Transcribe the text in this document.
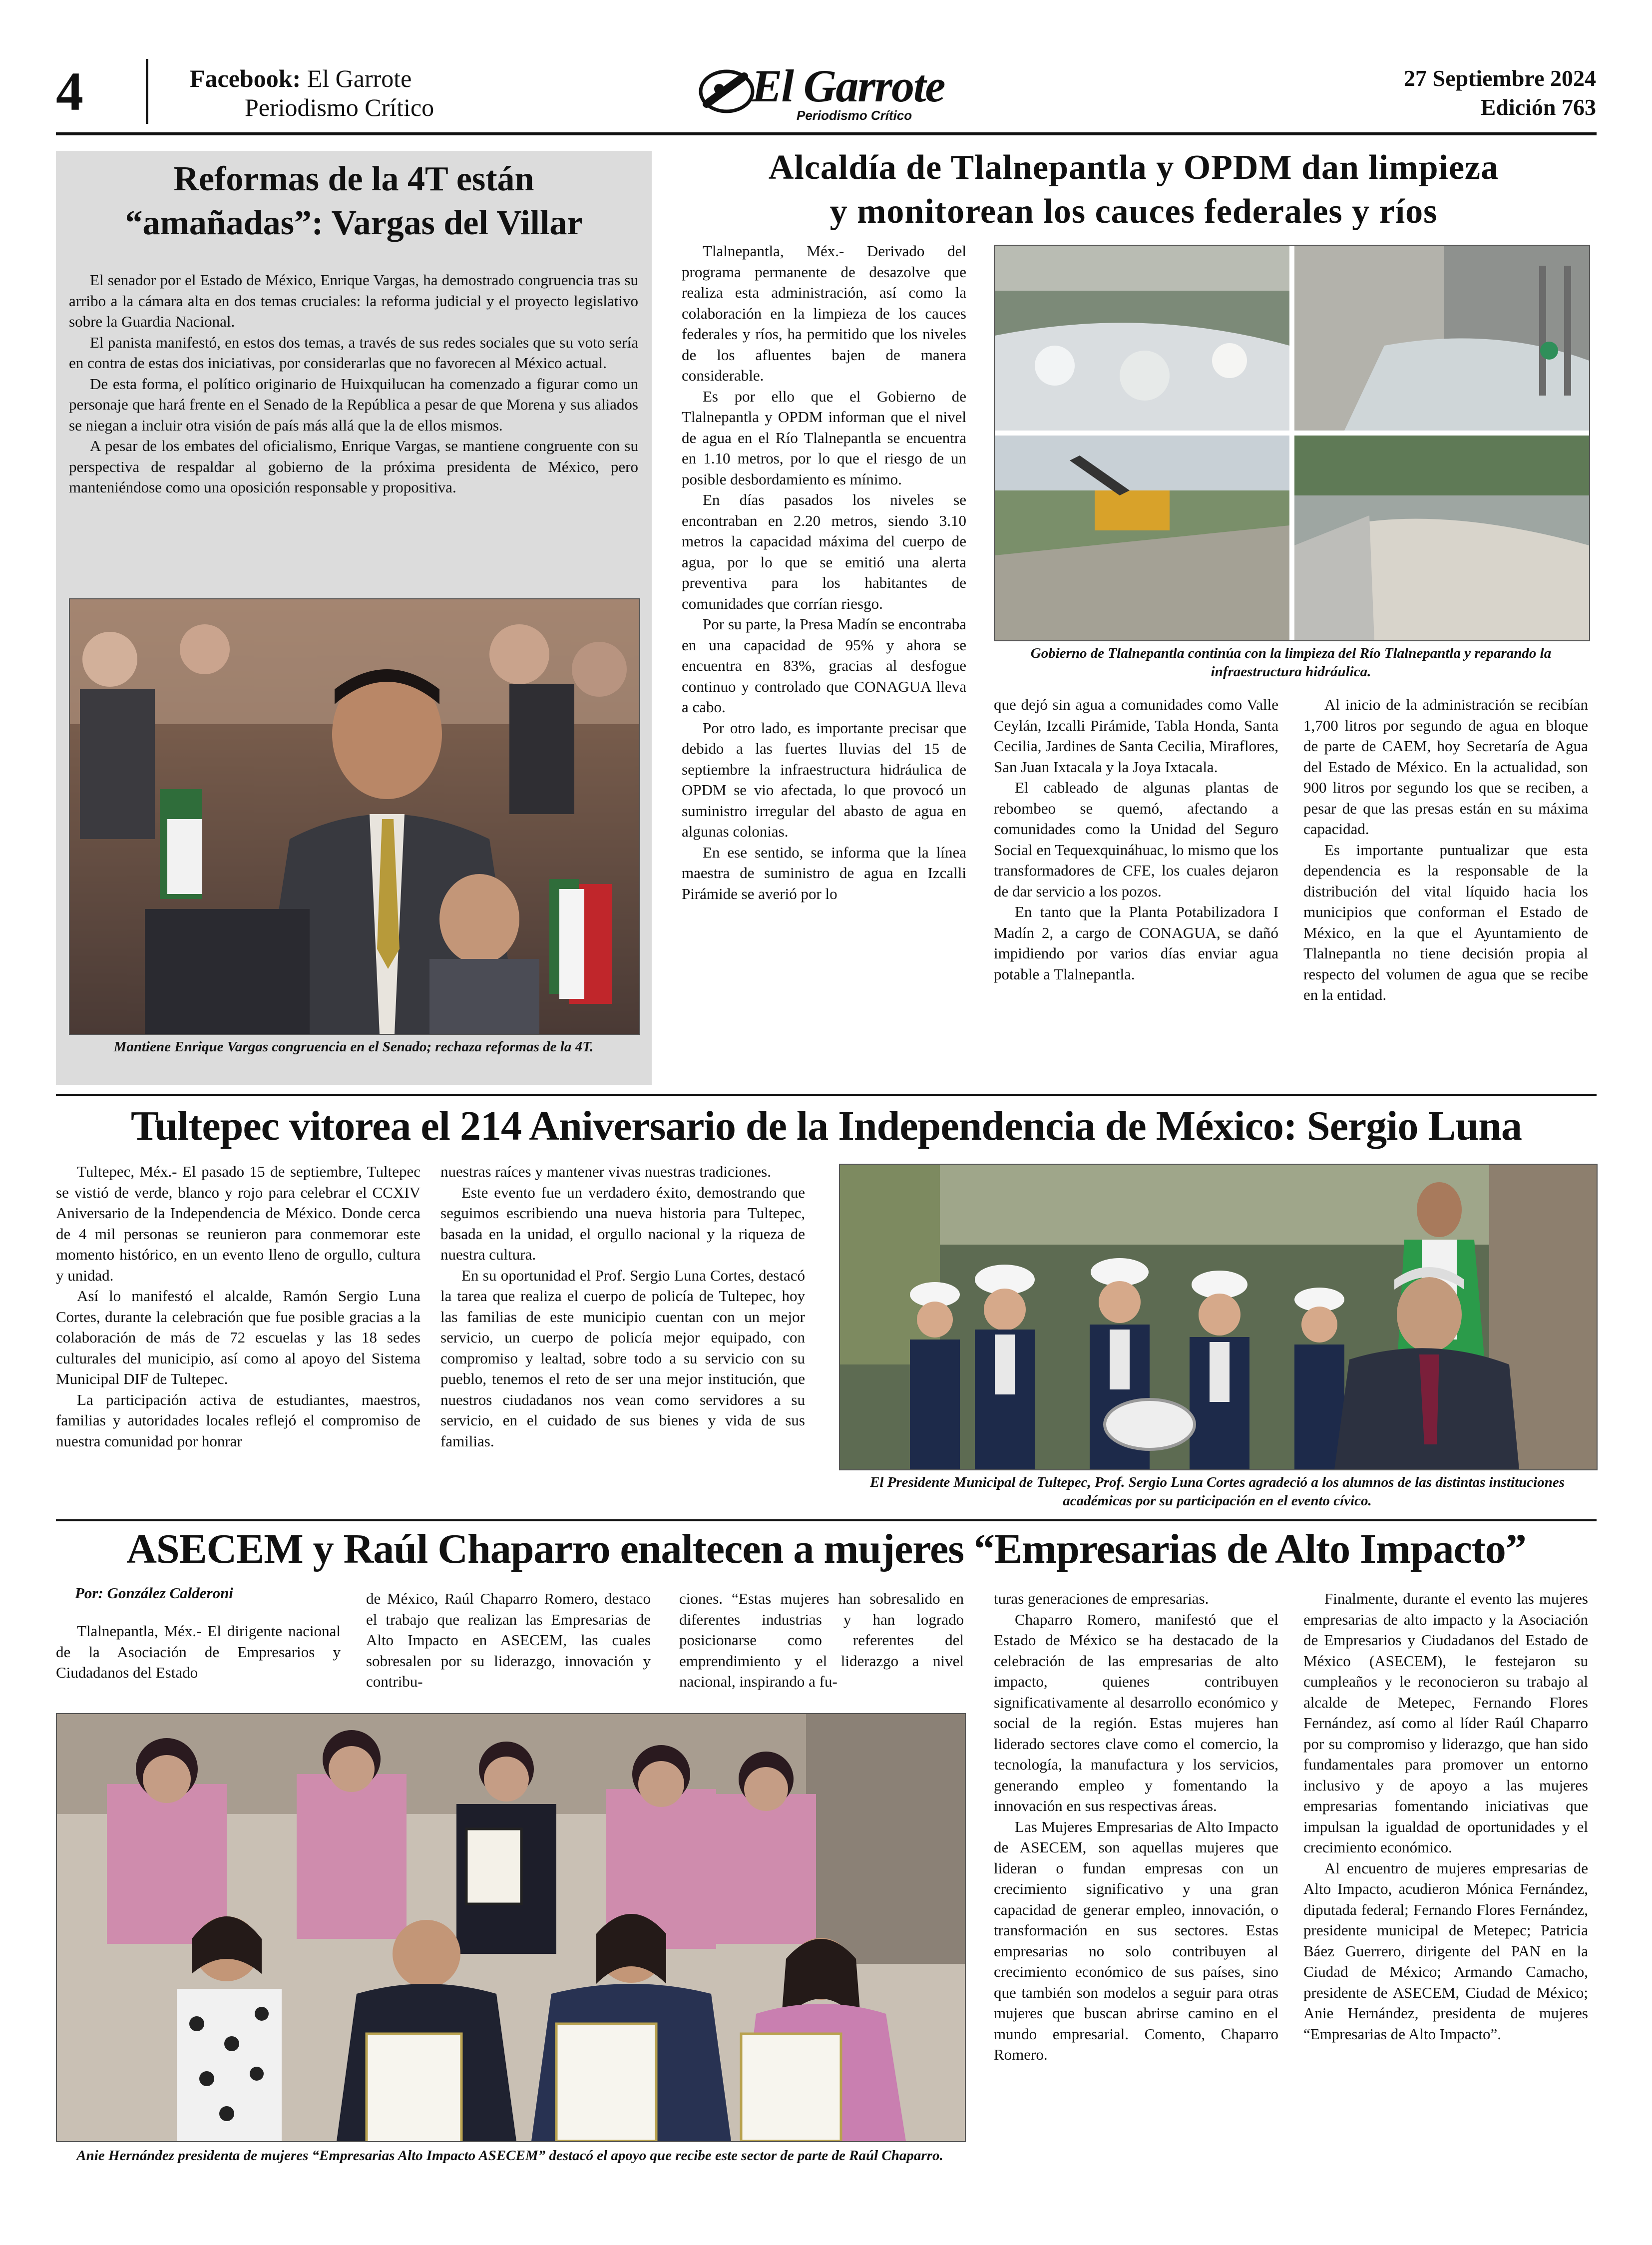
4	Facebook: El Garrote
Periodismo Crítico	El Garrote
Periodismo Crítico
27 Septiembre 2024
Edición 763
Reformas de la 4T están
“amañadas”: Vargas del Villar

El senador por el Estado de México, Enrique Vargas, ha demostrado congruencia tras su arribo a la cámara alta en dos temas cruciales: la reforma judicial y el proyecto legislativo sobre la Guardia Nacional.

El panista manifestó, en estos dos temas, a través de sus redes sociales que su voto sería en contra de estas dos iniciativas, por considerarlas que no favorecen al México actual.

De esta forma, el político originario de Huixquilucan ha comenzado a figurar como un personaje que hará frente en el Senado de la República a pesar de que Morena y sus aliados se niegan a incluir otra visión de país más allá que la de ellos mismos.

A pesar de los embates del oficialismo, Enrique Vargas, se mantiene congruente con su perspectiva de respaldar al gobierno de la próxima presidenta de México, pero manteniéndose como una oposición responsable y propositiva.

Mantiene Enrique Vargas congruencia en el Senado; rechaza reformas de la 4T.
Alcaldía de Tlalnepantla y OPDM dan limpieza
y monitorean los cauces federales y ríos

Tlalnepantla, Méx.- Derivado del programa permanente de desazolve que realiza esta administración, así como la colaboración en la limpieza de los cauces federales y ríos, ha permitido que los niveles de los afluentes bajen de manera considerable.

Es por ello que el Gobierno de Tlalnepantla y OPDM informan que el nivel de agua en el Río Tlalnepantla se encuentra en 1.10 metros, por lo que el riesgo de un posible desbordamiento es mínimo.

En días pasados los niveles se encontraban en 2.20 metros, siendo 3.10 metros la capacidad máxima del cuerpo de agua, por lo que se emitió una alerta preventiva para los habitantes de comunidades que corrían riesgo.

Por su parte, la Presa Madín se encontraba en una capacidad de 95% y ahora se encuentra en 83%, gracias al desfogue continuo y controlado que CONAGUA lleva a cabo.

Por otro lado, es importante precisar que debido a las fuertes lluvias del 15 de septiembre la infraestructura hidráulica de OPDM se vio afectada, lo que provocó un suministro irregular del abasto de agua en algunas colonias.

En ese sentido, se informa que la línea maestra de suministro de agua en Izcalli Pirámide se averió por lo

Gobierno de Tlalnepantla continúa con la limpieza del Río Tlalnepantla y reparando la infraestructura hidráulica.

que dejó sin agua a comunidades como Valle Ceylán, Izcalli Pirámide, Tabla Honda, Santa Cecilia, Jardines de Santa Cecilia, Miraflores, San Juan Ixtacala y la Joya Ixtacala.

El cableado de algunas plantas de rebombeo se quemó, afectando a comunidades como la Unidad del Seguro Social en Tequexquináhuac, lo mismo que los transformadores de CFE, los cuales dejaron de dar servicio a los pozos.

En tanto que la Planta Potabilizadora I Madín 2, a cargo de CONAGUA, se dañó impidiendo por varios días enviar agua potable a Tlalnepantla.

Al inicio de la administración se recibían 1,700 litros por segundo de agua en bloque de parte de CAEM, hoy Secretaría de Agua del Estado de México. En la actualidad, son 900 litros por segundo los que se reciben, a pesar de que las presas están en su máxima capacidad.

Es importante puntualizar que esta dependencia es la responsable de la distribución del vital líquido hacia los municipios que conforman el Estado de México, en la que el Ayuntamiento de Tlalnepantla no tiene decisión propia al respecto del volumen de agua que se recibe en la entidad.

Tultepec vitorea el 214 Aniversario de la Independencia de México: Sergio Luna

Tultepec, Méx.- El pasado 15 de septiembre, Tultepec se vistió de verde, blanco y rojo para celebrar el CCXIV Aniversario de la Independencia de México. Donde cerca de 4 mil personas se reunieron para conmemorar este momento histórico, en un evento lleno de orgullo, cultura y unidad.

Así lo manifestó el alcalde, Ramón Sergio Luna Cortes, durante la celebración que fue posible gracias a la colaboración de más de 72 escuelas y las 18 sedes culturales del municipio, así como al apoyo del Sistema Municipal DIF de Tultepec.

La participación activa de estudiantes, maestros, familias y autoridades locales reflejó el compromiso de nuestra comunidad por honrar

nuestras raíces y mantener vivas nuestras tradiciones.

Este evento fue un verdadero éxito, demostrando que seguimos escribiendo una nueva historia para Tultepec, basada en la unidad, el orgullo nacional y la riqueza de nuestra cultura.

En su oportunidad el Prof. Sergio Luna Cortes, destacó la tarea que realiza el cuerpo de policía de Tultepec, hoy las familias de este municipio cuentan con un mejor servicio, un cuerpo de policía mejor equipado, con compromiso y lealtad, sobre todo a su servicio con su pueblo, tenemos el reto de ser una mejor institución, que nuestros ciudadanos nos vean como servidores a su servicio, en el cuidado de sus bienes y vida de sus familias.

El Presidente Municipal de Tultepec, Prof. Sergio Luna Cortes agradeció a los alumnos de las distintas instituciones académicas por su participación en el evento cívico.
ASECEM y Raúl Chaparro enaltecen a mujeres “Empresarias de Alto Impacto”
Por: González Calderoni

Tlalnepantla, Méx.- El dirigente nacional de la Asociación de Empresarios y Ciudadanos del Estado

de México, Raúl Chaparro Romero, destaco el trabajo que realizan las Empresarias de Alto Impacto en ASECEM, las cuales sobresalen por su liderazgo, innovación y contribu-

ciones. “Estas mujeres han sobresalido en diferentes industrias y han logrado posicionarse como referentes del emprendimiento y el liderazgo a nivel nacional, inspirando a fu-

Anie Hernández presidenta de mujeres “Empresarias Alto Impacto ASECEM” destacó el apoyo que recibe este sector de parte de Raúl Chaparro.

turas generaciones de empresarias.

Chaparro Romero, manifestó que el Estado de México se ha destacado de la celebración de las empresarias de alto impacto, quienes contribuyen significativamente al desarrollo económico y social de la región. Estas mujeres han liderado sectores clave como el comercio, la tecnología, la manufactura y los servicios, generando empleo y fomentando la innovación en sus respectivas áreas.

Las Mujeres Empresarias de Alto Impacto de ASECEM, son aquellas mujeres que lideran o fundan empresas con un crecimiento significativo y una gran capacidad de generar empleo, innovación, o transformación en sus sectores. Estas empresarias no solo contribuyen al crecimiento económico de sus países, sino que también son modelos a seguir para otras mujeres que buscan abrirse camino en el mundo empresarial. Comento, Chaparro Romero.

Finalmente, durante el evento las mujeres empresarias de alto impacto y la Asociación de Empresarios y Ciudadanos del Estado de México (ASECEM), le festejaron su cumpleaños y le reconocieron su trabajo al alcalde de Metepec, Fernando Flores Fernández, así como al líder Raúl Chaparro por su compromiso y liderazgo, que han sido fundamentales para promover un entorno inclusivo y de apoyo a las mujeres empresarias fomentando iniciativas que impulsan la igualdad de oportunidades y el crecimiento económico.

Al encuentro de mujeres empresarias de Alto Impacto, acudieron Mónica Fernández, diputada federal; Fernando Flores Fernández, presidente municipal de Metepec; Patricia Báez Guerrero, dirigente del PAN en la Ciudad de México; Armando Camacho, presidente de ASECEM, Ciudad de México; Anie Hernández, presidenta de mujeres “Empresarias de Alto Impacto”.
